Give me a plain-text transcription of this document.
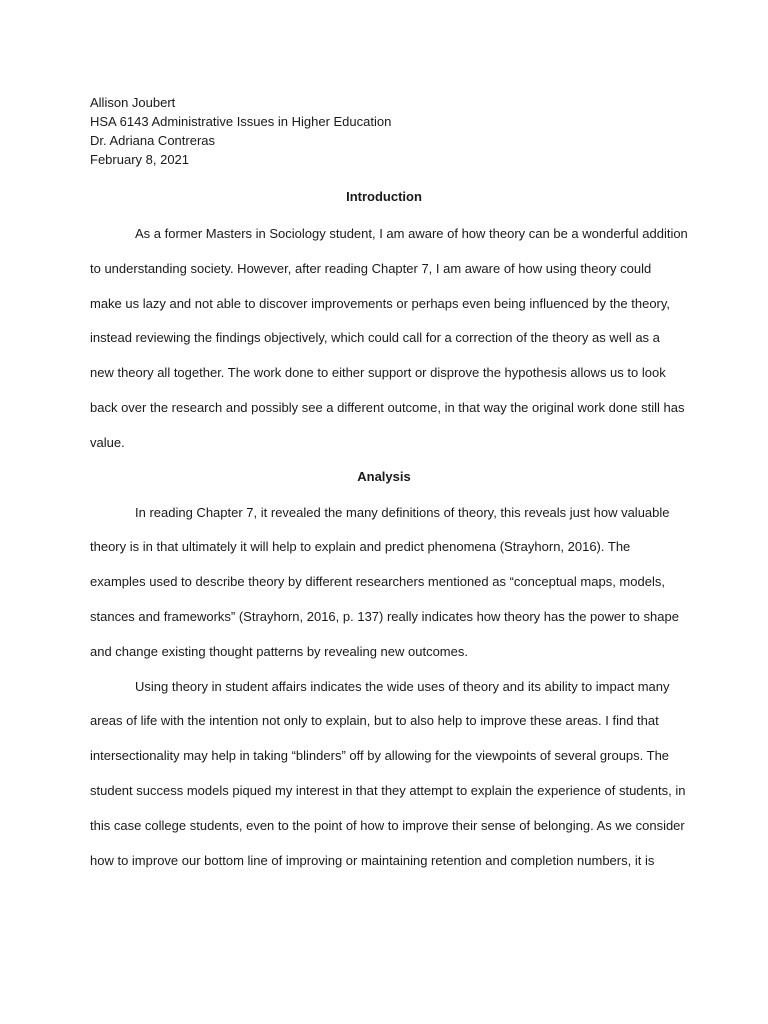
Allison Joubert
HSA 6143 Administrative Issues in Higher Education
Dr. Adriana Contreras
February 8, 2021
Introduction
As a former Masters in Sociology student, I am aware of how theory can be a wonderful addition
to understanding society. However, after reading Chapter 7, I am aware of how using theory could
make us lazy and not able to discover improvements or perhaps even being influenced by the theory,
instead reviewing the findings objectively, which could call for a correction of the theory as well as a
new theory all together. The work done to either support or disprove the hypothesis allows us to look
back over the research and possibly see a different outcome, in that way the original work done still has
value.
Analysis
In reading Chapter 7, it revealed the many definitions of theory, this reveals just how valuable
theory is in that ultimately it will help to explain and predict phenomena (Strayhorn, 2016). The
examples used to describe theory by different researchers mentioned as “conceptual maps, models,
stances and frameworks” (Strayhorn, 2016, p. 137) really indicates how theory has the power to shape
and change existing thought patterns by revealing new outcomes.
Using theory in student affairs indicates the wide uses of theory and its ability to impact many
areas of life with the intention not only to explain, but to also help to improve these areas. I find that
intersectionality may help in taking “blinders” off by allowing for the viewpoints of several groups. The
student success models piqued my interest in that they attempt to explain the experience of students, in
this case college students, even to the point of how to improve their sense of belonging. As we consider
how to improve our bottom line of improving or maintaining retention and completion numbers, it is
